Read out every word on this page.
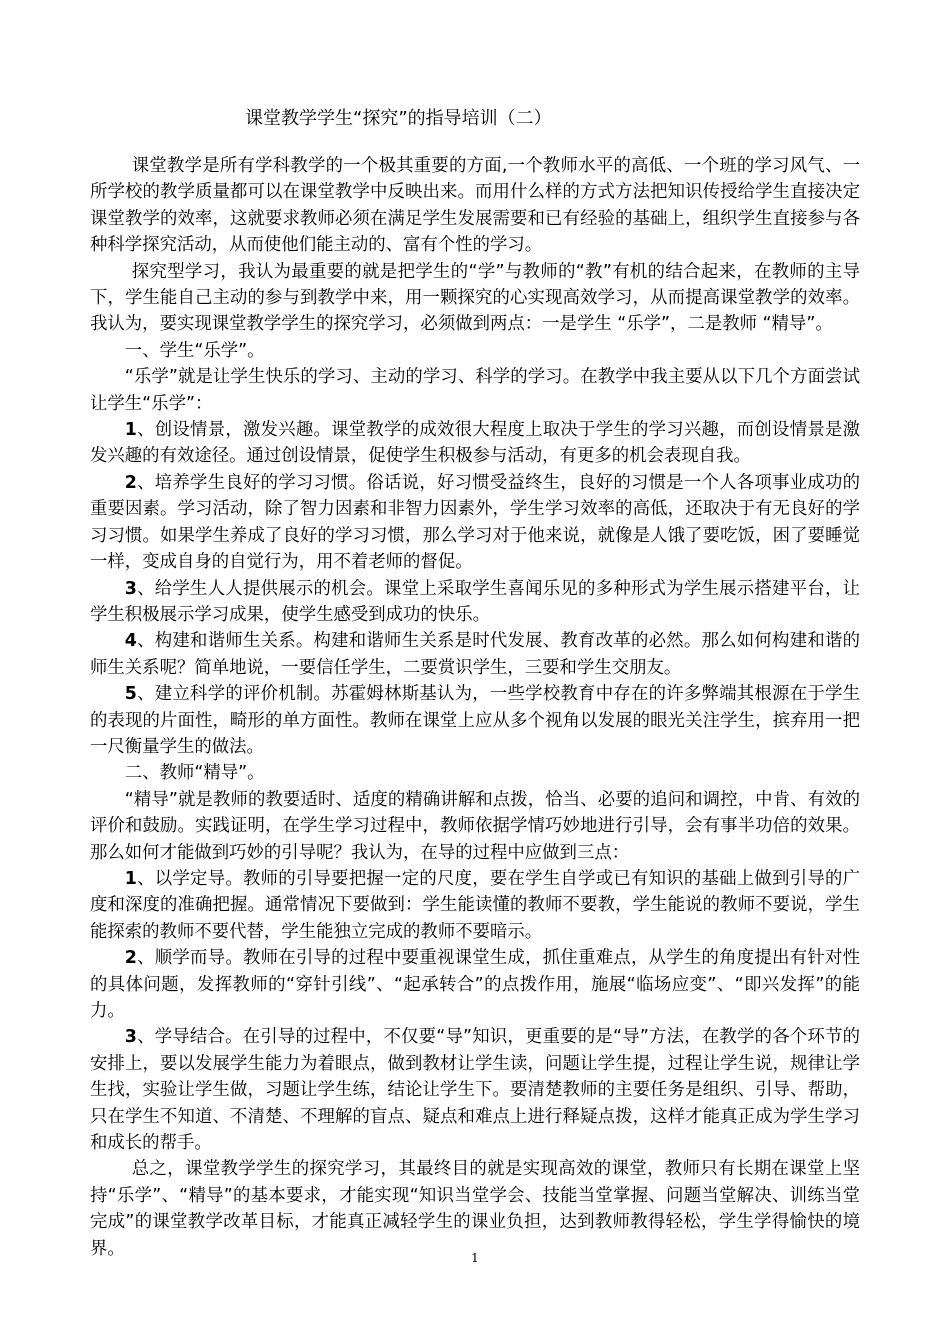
课堂教学学生“探究”的指导培训（二）

课堂教学是所有学科教学的一个极其重要的方面,一个教师水平的高低、一个班的学习风气、一所学校的教学质量都可以在课堂教学中反映出来。而用什么样的方式方法把知识传授给学生直接决定课堂教学的效率，这就要求教师必须在满足学生发展需要和已有经验的基础上，组织学生直接参与各种科学探究活动，从而使他们能主动的、富有个性的学习。

探究型学习，我认为最重要的就是把学生的“学”与教师的“教”有机的结合起来，在教师的主导下，学生能自己主动的参与到教学中来，用一颗探究的心实现高效学习，从而提高课堂教学的效率。我认为，要实现课堂教学学生的探究学习，必须做到两点：一是学生 “乐学”，二是教师 “精导”。

一、学生“乐学”。

“乐学”就是让学生快乐的学习、主动的学习、科学的学习。在教学中我主要从以下几个方面尝试让学生“乐学”：

1、创设情景，激发兴趣。课堂教学的成效很大程度上取决于学生的学习兴趣，而创设情景是激发兴趣的有效途径。通过创设情景，促使学生积极参与活动，有更多的机会表现自我。

2、培养学生良好的学习习惯。俗话说，好习惯受益终生，良好的习惯是一个人各项事业成功的重要因素。学习活动，除了智力因素和非智力因素外，学生学习效率的高低，还取决于有无良好的学习习惯。如果学生养成了良好的学习习惯，那么学习对于他来说，就像是人饿了要吃饭，困了要睡觉一样，变成自身的自觉行为，用不着老师的督促。

3、给学生人人提供展示的机会。课堂上采取学生喜闻乐见的多种形式为学生展示搭建平台，让学生积极展示学习成果，使学生感受到成功的快乐。

4、构建和谐师生关系。构建和谐师生关系是时代发展、教育改革的必然。那么如何构建和谐的师生关系呢？简单地说，一要信任学生，二要赏识学生，三要和学生交朋友。

5、建立科学的评价机制。苏霍姆林斯基认为，一些学校教育中存在的许多弊端其根源在于学生的表现的片面性，畸形的单方面性。教师在课堂上应从多个视角以发展的眼光关注学生，摈弃用一把一尺衡量学生的做法。

二、教师“精导”。

“精导”就是教师的教要适时、适度的精确讲解和点拨，恰当、必要的追问和调控，中肯、有效的评价和鼓励。实践证明，在学生学习过程中，教师依据学情巧妙地进行引导，会有事半功倍的效果。那么如何才能做到巧妙的引导呢？我认为，在导的过程中应做到三点：

1、以学定导。教师的引导要把握一定的尺度，要在学生自学或已有知识的基础上做到引导的广度和深度的准确把握。通常情况下要做到：学生能读懂的教师不要教，学生能说的教师不要说，学生能探索的教师不要代替，学生能独立完成的教师不要暗示。

2、顺学而导。教师在引导的过程中要重视课堂生成，抓住重难点，从学生的角度提出有针对性的具体问题，发挥教师的“穿针引线”、“起承转合”的点拨作用，施展“临场应变”、“即兴发挥”的能力。

3、学导结合。在引导的过程中，不仅要“导”知识，更重要的是“导”方法，在教学的各个环节的安排上，要以发展学生能力为着眼点，做到教材让学生读，问题让学生提，过程让学生说，规律让学生找，实验让学生做，习题让学生练，结论让学生下。要清楚教师的主要任务是组织、引导、帮助，只在学生不知道、不清楚、不理解的盲点、疑点和难点上进行释疑点拨，这样才能真正成为学生学习和成长的帮手。

总之，课堂教学学生的探究学习，其最终目的就是实现高效的课堂，教师只有长期在课堂上坚持“乐学”、“精导”的基本要求，才能实现“知识当堂学会、技能当堂掌握、问题当堂解决、训练当堂完成”的课堂教学改革目标，才能真正减轻学生的课业负担，达到教师教得轻松，学生学得愉快的境界。	1
